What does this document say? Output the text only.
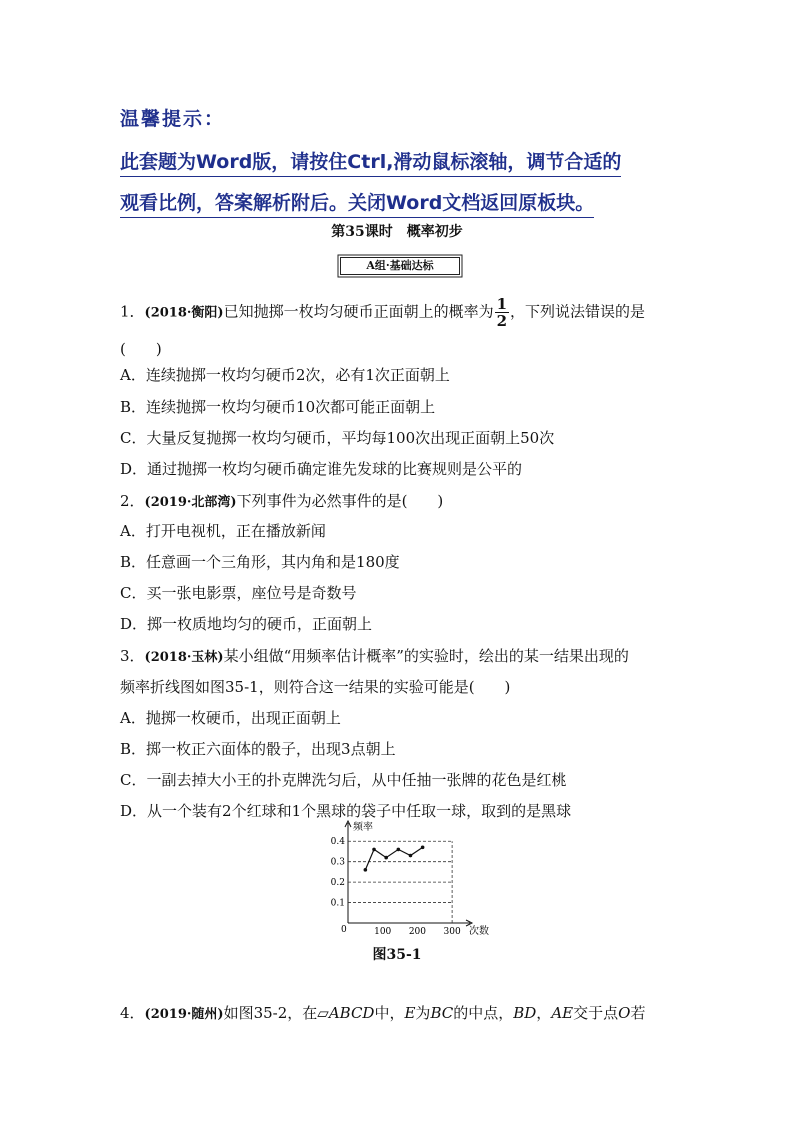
温馨提示：
此套题为Word版，请按住Ctrl,滑动鼠标滚轴，调节合适的
观看比例，答案解析附后。关闭Word文档返回原板块。
第35课时　概率初步
A组·基础达标
1．(2018·衡阳)已知抛掷一枚均匀硬币正面朝上的概率为 $\frac{1}{2}$ ，下列说法错误的是
(　　)
A．连续抛掷一枚均匀硬币2次，必有1次正面朝上
B．连续抛掷一枚均匀硬币10次都可能正面朝上
C．大量反复抛掷一枚均匀硬币，平均每100次出现正面朝上50次
D．通过抛掷一枚均匀硬币确定谁先发球的比赛规则是公平的
2．(2019·北部湾)下列事件为必然事件的是(　　)
A．打开电视机，正在播放新闻
B．任意画一个三角形，其内角和是180度
C．买一张电影票，座位号是奇数号
D．掷一枚质地均匀的硬币，正面朝上
3．(2018·玉林)某小组做“用频率估计概率”的实验时，绘出的某一结果出现的
频率折线图如图35-1，则符合这一结果的实验可能是(　　)
A．抛掷一枚硬币，出现正面朝上
B．掷一枚正六面体的骰子，出现3点朝上
C．一副去掉大小王的扑克牌洗匀后，从中任抽一张牌的花色是红桃
D．从一个装有2个红球和1个黑球的袋子中任取一球，取到的是黑球
频率
次数
0
0.1
0.2
0.3
0.4
100 200 300
图35-1
4．(2019·随州)如图35-2，在▱ABCD中，E为BC的中点，BD，AE交于点O若
